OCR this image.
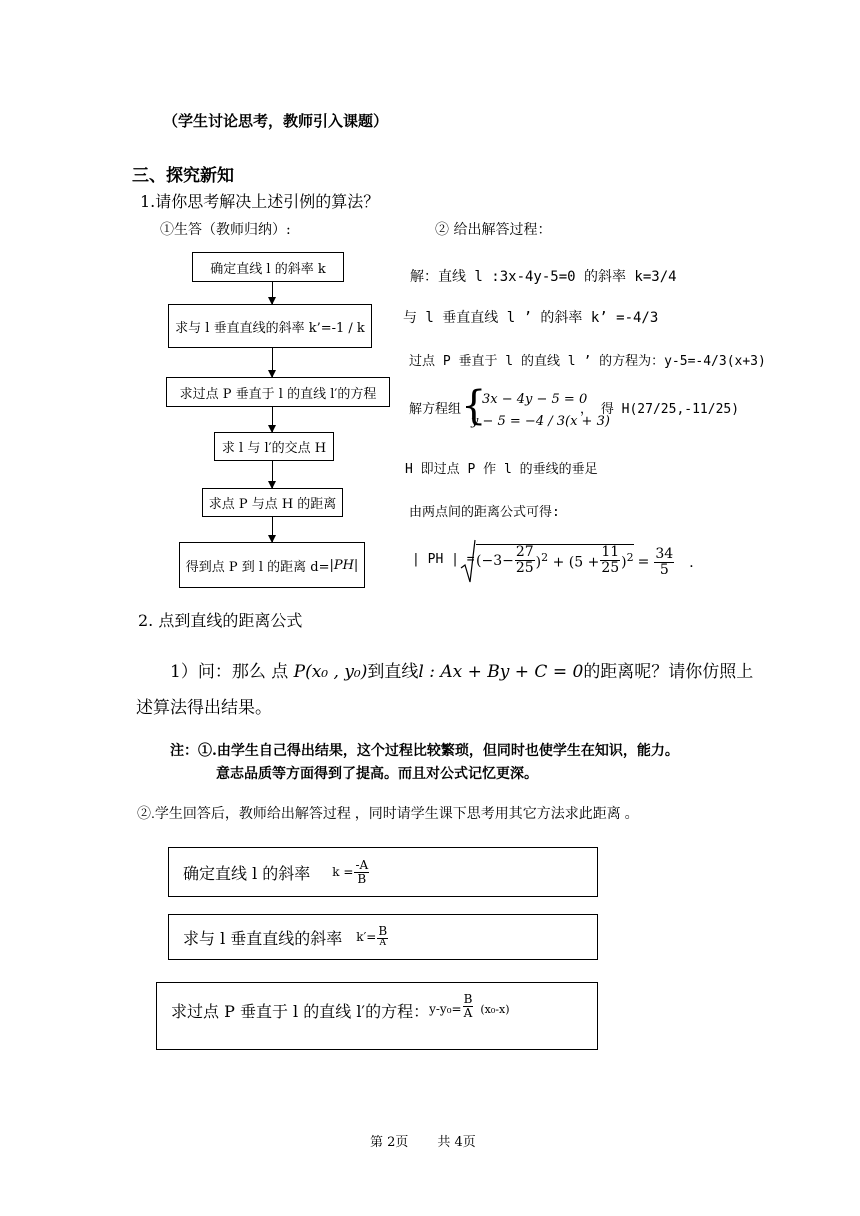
（学生讨论思考，教师引入课题）
三、探究新知
1.请你思考解决上述引例的算法？
①生答（教师归纳）:	② 给出解答过程：
确定直线 l 的斜率 k
求与 l 垂直直线的斜率 k’=-1 / k
求过点 P 垂直于 l 的直线 l′的方程
求 l 与 l′的交点 H
求点 P 与点 H 的距离
得到点 P 到 l 的距离 d= |PH|
解：直线 l :3x-4y-5=0 的斜率 k=3/4
与 l 垂直直线 l ’ 的斜率 k’ =-4/3
过点 P 垂直于 l 的直线 l ’ 的方程为：y-5=-4/3(x+3)
解方程组 {
3x − 4y − 5 = 0
y − 5 = −4 / 3(x + 3)
， 得 H(27/25,-11/25)
H 即过点 P 作 l 的垂线的垂足
由两点间的距离公式可得:
| PH | = $(-3- \frac{27}{25} )^2 + (5 + \frac{11}{25} )^2 = \frac{34}{5}$ ．
2. 点到直线的距离公式
1）问：那么 点 P(x₀ , y₀)到直线l : Ax + By + C = 0的距离呢？请你仿照上
述算法得出结果。
注：①.由学生自己得出结果，这个过程比较繁琐，但同时也使学生在知识，能力。
意志品质等方面得到了提高。而且对公式记忆更深。
②.学生回答后，教师给出解答过程 ，同时请学生课下思考用其它方法求此距离 。
确定直线 l 的斜率 $k = \frac{-A}{B}$
求与 l 垂直直线的斜率 $k'= \frac{B}{A}$
求过点 P 垂直于 l 的直线 l′的方程： $y-y_0= \frac{B}{A} (x_0-x)$
第 2页       共 4页
